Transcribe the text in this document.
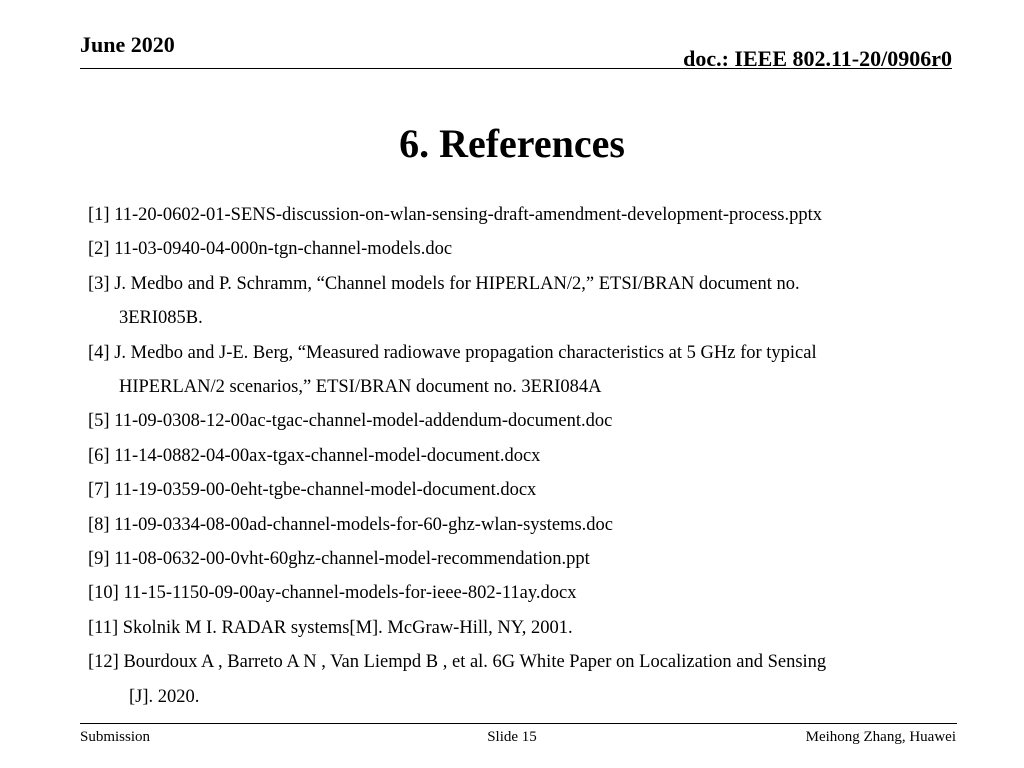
June 2020
doc.: IEEE 802.11-20/0906r0
6. References
[1] 11-20-0602-01-SENS-discussion-on-wlan-sensing-draft-amendment-development-process.pptx
[2] 11-03-0940-04-000n-tgn-channel-models.doc
[3] J. Medbo and P. Schramm, “Channel models for HIPERLAN/2,” ETSI/BRAN document no.
3ERI085B.
[4] J. Medbo and J-E. Berg, “Measured radiowave propagation characteristics at 5 GHz for typical
HIPERLAN/2 scenarios,” ETSI/BRAN document no. 3ERI084A
[5] 11-09-0308-12-00ac-tgac-channel-model-addendum-document.doc
[6] 11-14-0882-04-00ax-tgax-channel-model-document.docx
[7] 11-19-0359-00-0eht-tgbe-channel-model-document.docx
[8] 11-09-0334-08-00ad-channel-models-for-60-ghz-wlan-systems.doc
[9] 11-08-0632-00-0vht-60ghz-channel-model-recommendation.ppt
[10] 11-15-1150-09-00ay-channel-models-for-ieee-802-11ay.docx
[11] Skolnik M I. RADAR systems[M]. McGraw-Hill, NY, 2001.
[12] Bourdoux A , Barreto A N , Van Liempd B , et al. 6G White Paper on Localization and Sensing
[J]. 2020.
Submission	Slide 15	Meihong Zhang, Huawei
